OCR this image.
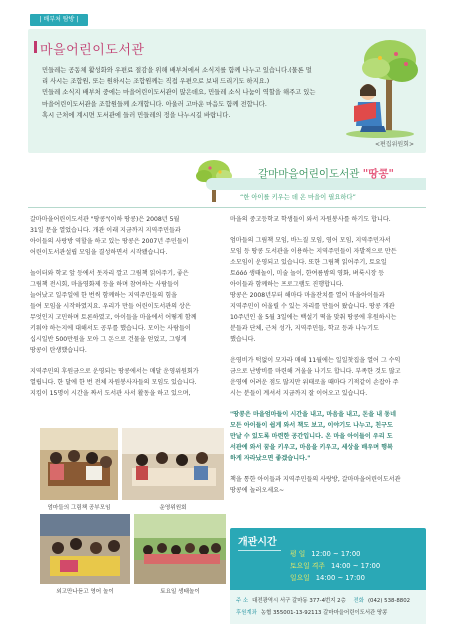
| 배부처 탐방 |
마을어린이도서관

민들레는 공동체 활성화와 우편료 절감을 위해 배부처에서 소식지를 함께 나누고 있습니다.(물론 멀

리 사시는 조합원, 또는 원하시는 조합원께는 직접 우편으로 보내 드리기도 하지요.)

민들레 소식지 배부처 중에는 마을어린이도서관이 많은데요, 민들레 소식 나눔이 역할을 해주고 있는

마을어린이도서관을 조합원들께 소개합니다. 아울러 고마운 마음도 함께 전합니다.

혹시 근처에 계시면 도서관에 들러 민들레의 정을 나누시길 바랍니다.

<편집위원회>
갈마마을어린이도서관 "땅콩"
“ 한 아이를 키우는 데 온 마을이 필요하다 ”

갈마마을어린이도서관 "땅콩"(이하 땅콩)은 2008년 5월
31일 문을 열었습니다. 개관 이래 지금까지 지역주민들과
아이들의 사랑방 역할을 하고 있는 땅콩은 2007년 주민들이
어린이도서관설립 모임을 결성하면서 시작됐습니다.

놀이터와 학교 앞 등에서 돗자리 깔고 그림책 읽어주기, 좋은
그림책 전시회, 마을영화제 등을 하며 참여하는 사람들이
늘어났고 일주일에 한 번씩 함께하는 지역주민들의 힘을
들여 모임을 시작하였지요. 우리가 만들 어린이도서관의 상은
무엇인지 고민하며 토론하였고, 아이들을 마을에서 어떻게 함께
키워야 하는지에 대해서도 공부를 했습니다. 모이는 사람들이
십시일반 500만원을 모아 그 돈으로 건물을 얻었고, 그렇게
땅콩이 탄생했습니다.

지역주민의 후원금으로 운영되는 땅콩에서는 매달 운영위원회가
열립니다. 한 달에 한 번 전체 자원봉사자들의 모임도 있습니다.
지킴이 15명이 시간을 짜서 도서관 사서 활동을 하고 있으며,

엄마들의 그림책 공부모임	운영위원회
외고만나듣고 영어 놀이	토요일 생태놀이

마을의 중고등학교 학생들이 와서 자원봉사를 하기도 합니다.

엄마들의 그림책 모임, 바느질 모임, 영어 모임, 지역주민자서
모임 등 땅콩 도서관을 이용하는 지역주민들이 자발적으로 만든
소모임이 운영되고 있습니다. 또한 그림책 읽어주기, 토요일
토óóó 생태놀이, 미술 놀이, 한여름밤의 영화, 벼룩시장 등
아이들과 함께하는 프로그램도 진행합니다.
땅콩은 2008년부터 해마다 마을잔치를 열어 마을아이들과
지역주민이 어울릴 수 있는 자리를 만들어 왔습니다. 땅콩 개관
10주년인 올 5월 3일에는 백설기 떡을 맞춰 땅콩에 후원하시는
분들과 단체, 근처 성가, 지역주민들, 학교 등과 나누기도
했습니다.

운영비가 턱없이 모자라 매해 11월에는 일일찻집을 열어 그 수익
금으로 난방비를 마련해 겨울을 나기도 합니다. 부족한 것도 많고
운영에 어려운 점도 많지만 위태로울 때마다 기적같이 손잡아 주
시는 분들이 계셔서 지금까지 잘 이어오고 있습니다.

"땅콩은 마을엄마들이 시간을 내고, 마음을 내고, 돈을 내 동네
모든 아이들이 쉽게 와서 책도 보고, 이야기도 나누고, 친구도
만날 수 있도록 마련한 공간입니다. 온 마을 아이들이 우리 도
서관에 와서 꿈을 키우고, 마음을 키우고, 세상을 배우며 행복
하게 자라났으면 좋겠습니다."

책을 통한 아이들과 지역주민들의 사랑방, 갈마마을어린이도서관
땅콩에 놀러오세요~

개관시간
평 일 12:00 ~ 17:00
토요일 격주 14:00 ~ 17:00
일요일 14:00 ~ 17:00
주 소 대전광역시 서구 갈마동 377-4번지 2층 전화 (042) 538-8802
후원계좌 농협 355001-13-92113 갈마마을어린이도서관 땅콩
